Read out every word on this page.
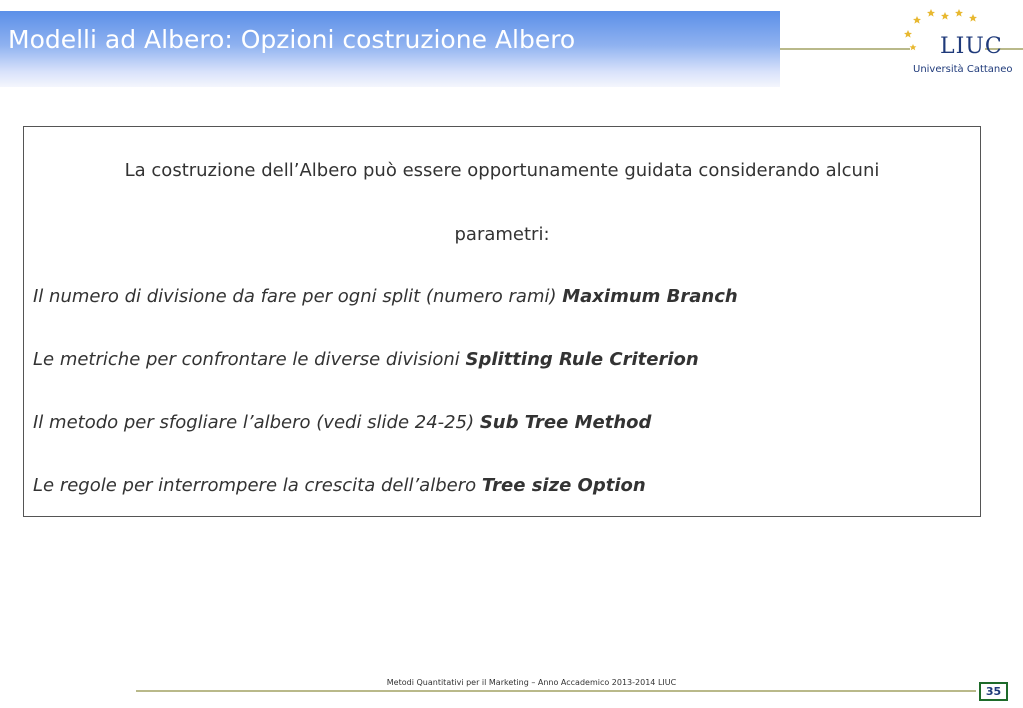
Modelli ad Albero: Opzioni costruzione Albero	LIUC
Università Cattaneo
La costruzione dell’Albero può essere opportunamente guidata considerando alcuni
parametri:
Il numero di divisione da fare per ogni split (numero rami) Maximum Branch
Le metriche per confrontare le diverse divisioni Splitting Rule Criterion
Il metodo per sfogliare l’albero (vedi slide 24-25) Sub Tree Method
Le regole per interrompere la crescita dell’albero Tree size Option
Metodi Quantitativi per il Marketing – Anno Accademico 2013-2014 LIUC
35
